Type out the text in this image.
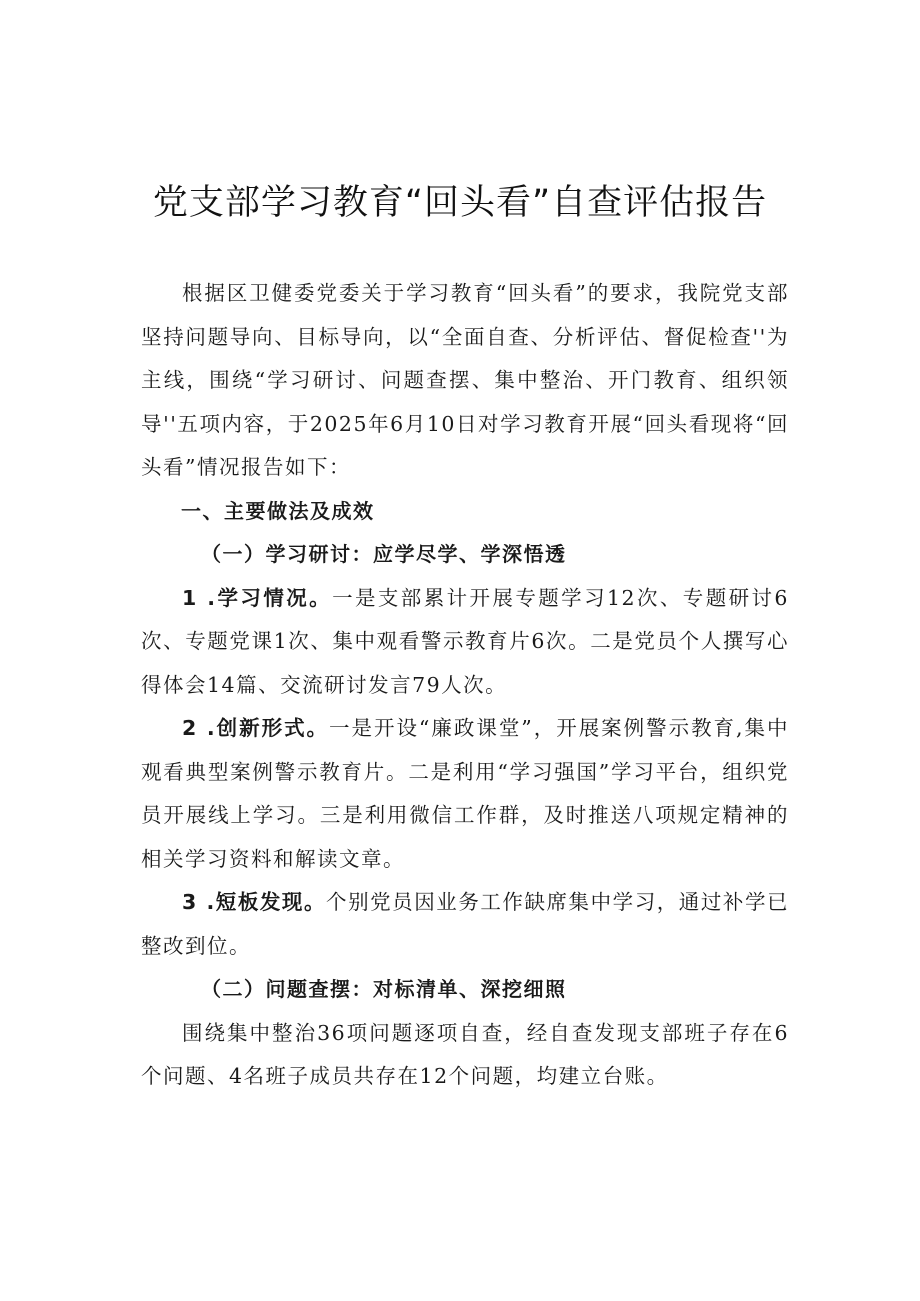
党支部学习教育“回头看”自查评估报告

根据区卫健委党委关于学习教育“回头看”的要求，我院党支部坚持问题导向、目标导向，以“全面自查、分析评估、督促检查''为主线，围绕“学习研讨、问题查摆、集中整治、开门教育、组织领导''五项内容，于2025年6月10日对学习教育开展“回头看现将“回头看”情况报告如下：

一、主要做法及成效

（一）学习研讨：应学尽学、学深悟透

1 .学习情况。一是支部累计开展专题学习12次、专题研讨6次、专题党课1次、集中观看警示教育片6次。二是党员个人撰写心得体会14篇、交流研讨发言79人次。

2 .创新形式。一是开设“廉政课堂”，开展案例警示教育,集中观看典型案例警示教育片。二是利用“学习强国”学习平台，组织党员开展线上学习。三是利用微信工作群，及时推送八项规定精神的相关学习资料和解读文章。

3 .短板发现。个别党员因业务工作缺席集中学习，通过补学已整改到位。

（二）问题查摆：对标清单、深挖细照

围绕集中整治36项问题逐项自查，经自查发现支部班子存在6个问题、4名班子成员共存在12个问题，均建立台账。
